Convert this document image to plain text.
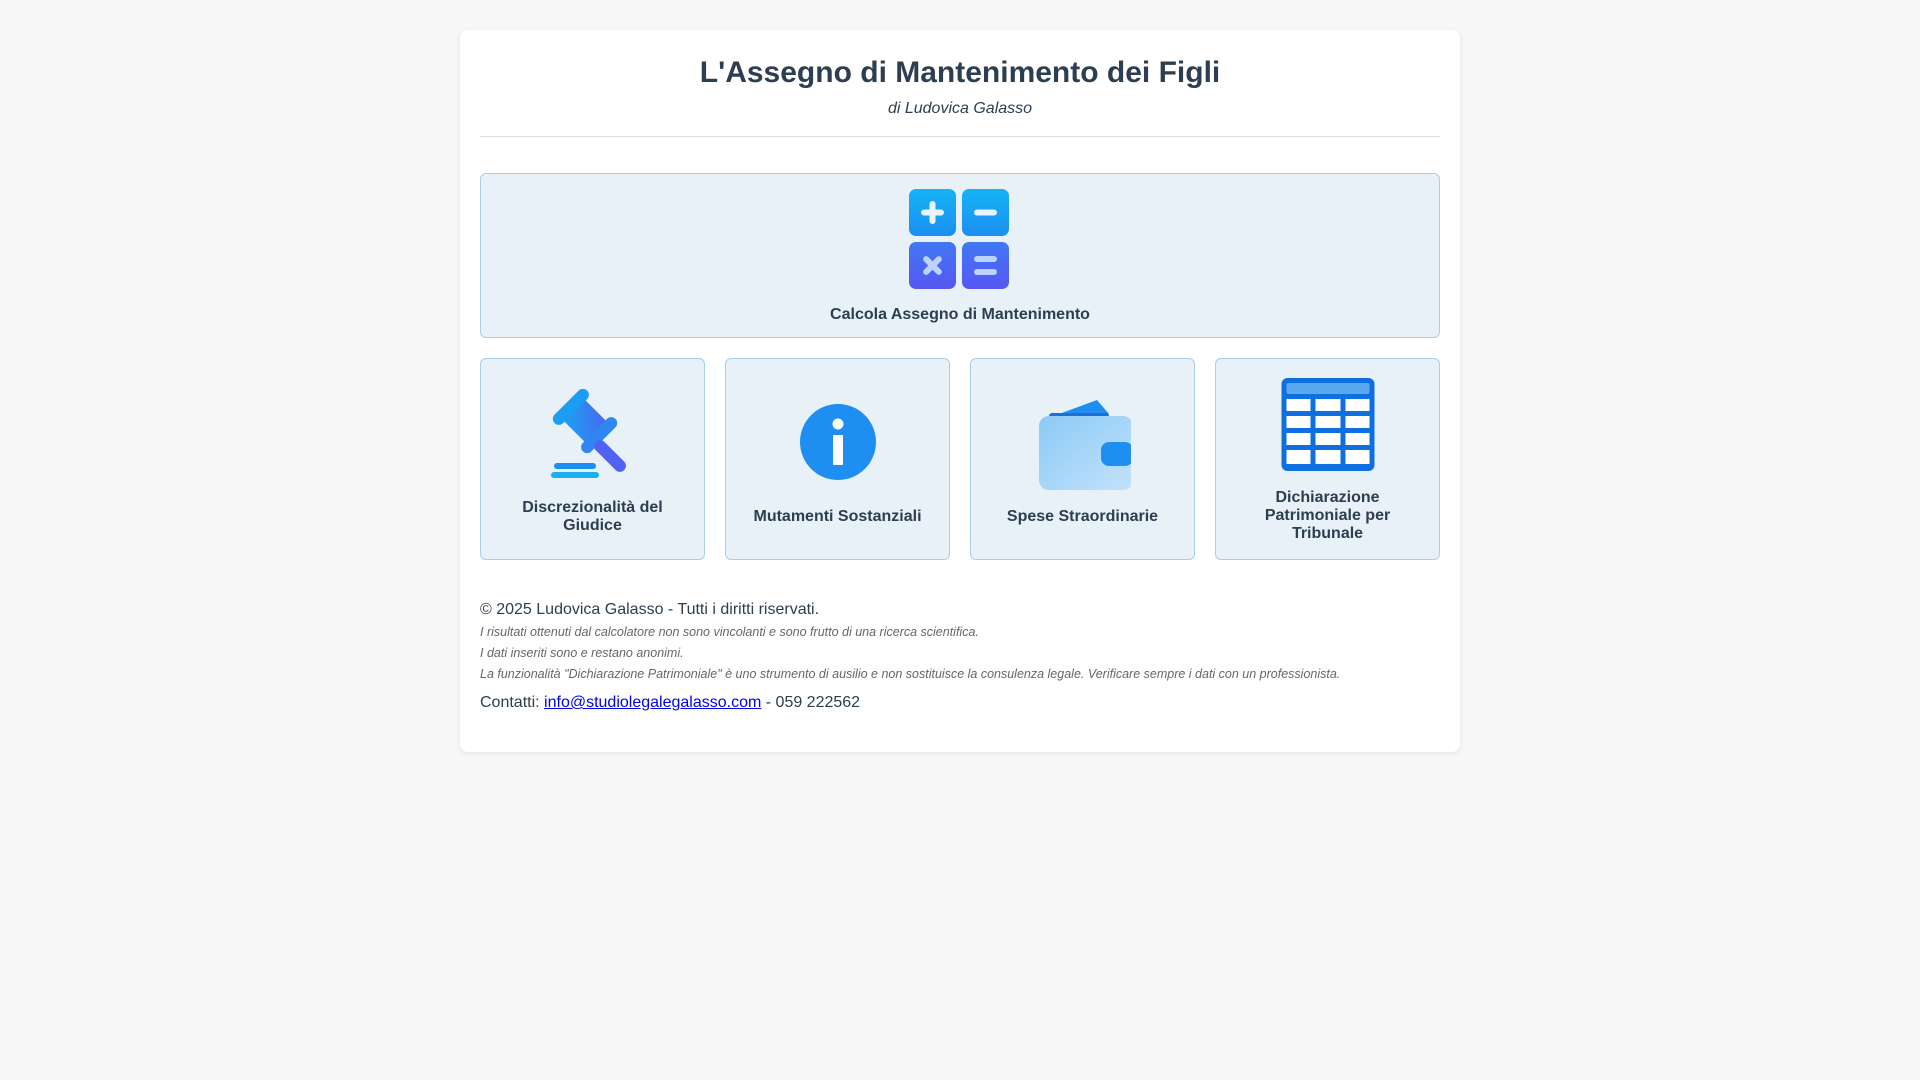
L'Assegno di Mantenimento dei Figli
di Ludovica Galasso
Calcola Assegno di Mantenimento
Discrezionalità del Giudice
Mutamenti Sostanziali	Spese Straordinarie
Dichiarazione Patrimoniale per Tribunale
© 2025 Ludovica Galasso - Tutti i diritti riservati.
I risultati ottenuti dal calcolatore non sono vincolanti e sono frutto di una ricerca scientifica.
I dati inseriti sono e restano anonimi.
La funzionalità "Dichiarazione Patrimoniale" è uno strumento di ausilio e non sostituisce la consulenza legale. Verificare sempre i dati con un professionista.
Contatti: info@studiolegalegalasso.com - 059 222562
